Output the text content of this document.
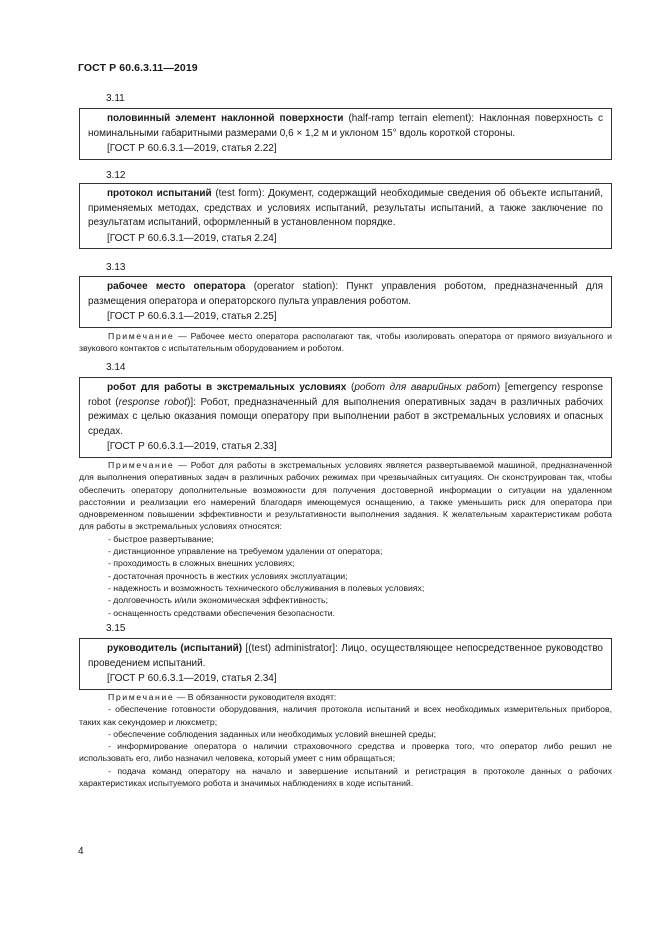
ГОСТ Р 60.6.3.11—2019
3.11
половинный элемент наклонной поверхности (half-ramp terrain element): Наклонная поверхность с номинальными габаритными размерами 0,6 × 1,2 м и уклоном 15° вдоль короткой стороны.
[ГОСТ Р 60.6.3.1—2019, статья 2.22]
3.12
протокол испытаний (test form): Документ, содержащий необходимые сведения об объекте испытаний, применяемых методах, средствах и условиях испытаний, результаты испытаний, а также заключение по результатам испытаний, оформленный в установленном порядке.
[ГОСТ Р 60.6.3.1—2019, статья 2.24]
3.13
рабочее место оператора (operator station): Пункт управления роботом, предназначенный для размещения оператора и операторского пульта управления роботом.
[ГОСТ Р 60.6.3.1—2019, статья 2.25]
Примечание — Рабочее место оператора располагают так, чтобы изолировать оператора от прямого визуального и звукового контактов с испытательным оборудованием и роботом.
3.14
робот для работы в экстремальных условиях (робот для аварийных работ) [emergency response robot (response robot)]: Робот, предназначенный для выполнения оперативных задач в различных рабочих режимах с целью оказания помощи оператору при выполнении работ в экстремальных условиях и опасных средах.
[ГОСТ Р 60.6.3.1—2019, статья 2.33]
Примечание — Робот для работы в экстремальных условиях является развертываемой машиной, предназначенной для выполнения оперативных задач в различных рабочих режимах при чрезвычайных ситуациях. Он сконструирован так, чтобы обеспечить оператору дополнительные возможности для получения достоверной информации о ситуации на удаленном расстоянии и реализации его намерений благодаря имеющемуся оснащению, а также уменьшить риск для оператора при одновременном повышении эффективности и результативности выполнения задания. К желательным характеристикам робота для работы в экстремальных условиях относятся:
- быстрое развертывание;
- дистанционное управление на требуемом удалении от оператора;
- проходимость в сложных внешних условиях;
- достаточная прочность в жестких условиях эксплуатации;
- надежность и возможность технического обслуживания в полевых условиях;
- долговечность и/или экономическая эффективность;
- оснащенность средствами обеспечения безопасности.
3.15
руководитель (испытаний) [(test) administrator]: Лицо, осуществляющее непосредственное руководство проведением испытаний.
[ГОСТ Р 60.6.3.1—2019, статья 2.34]
Примечание — В обязанности руководителя входят:
- обеспечение готовности оборудования, наличия протокола испытаний и всех необходимых измерительных приборов, таких как секундомер и люксметр;
- обеспечение соблюдения заданных или необходимых условий внешней среды;
- информирование оператора о наличии страховочного средства и проверка того, что оператор либо решил не использовать его, либо назначил человека, который умеет с ним обращаться;
- подача команд оператору на начало и завершение испытаний и регистрация в протоколе данных о рабочих характеристиках испытуемого робота и значимых наблюдениях в ходе испытаний.
4
